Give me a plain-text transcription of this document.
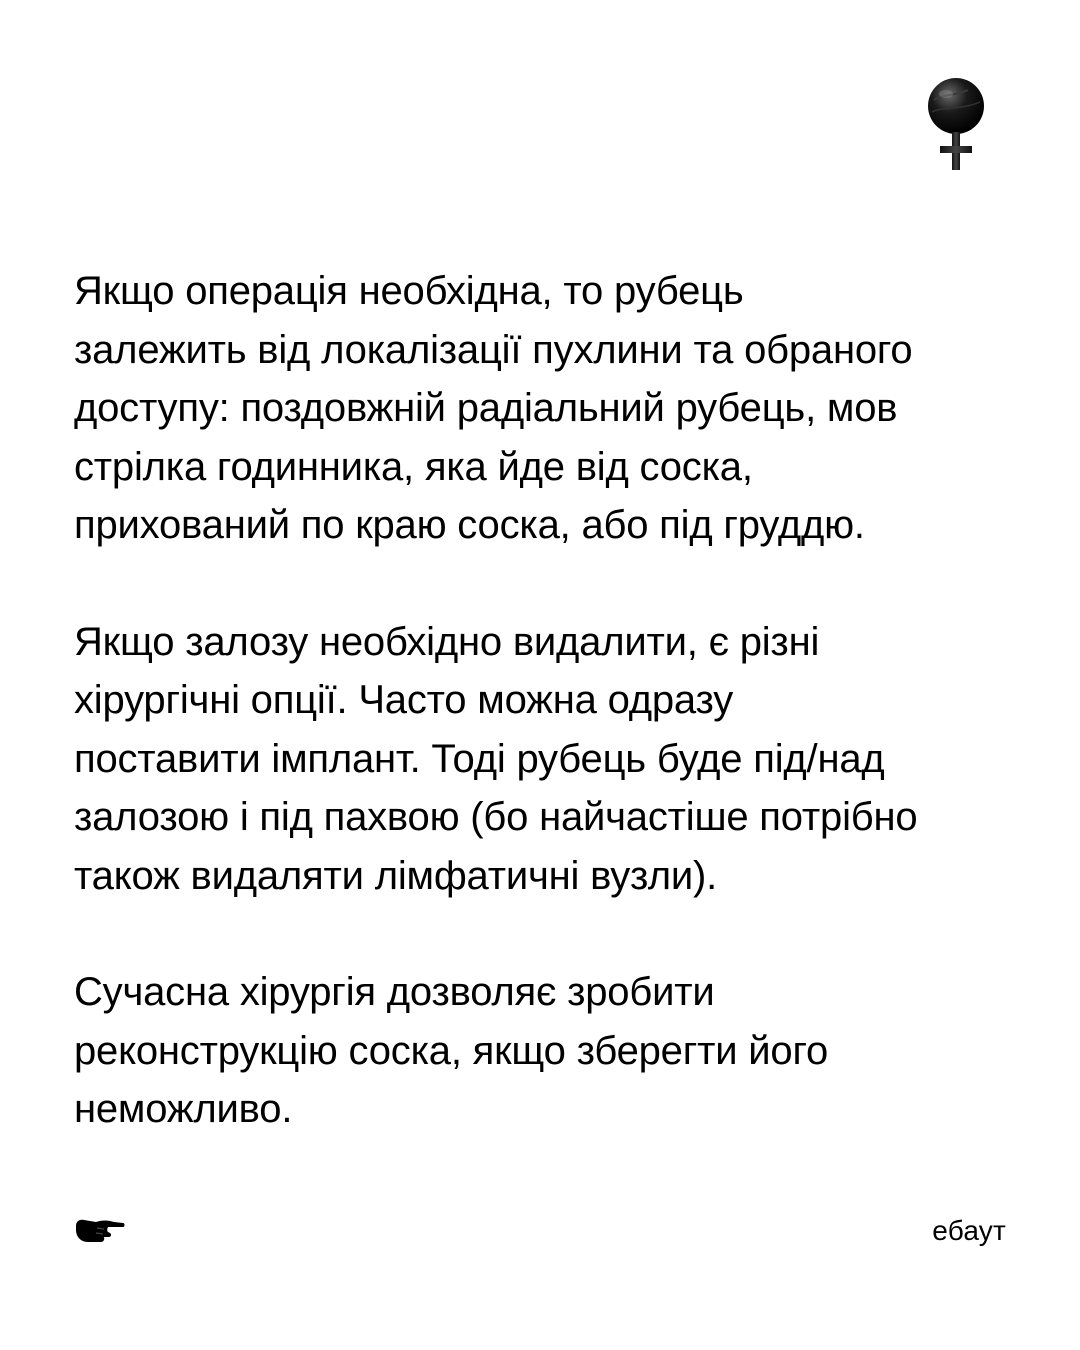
Якщо операція необхідна, то рубець
залежить від локалізації пухлини та обраного
доступу: поздовжній радіальний рубець, мов
стрілка годинника, яка йде від соска,
прихований по краю соска, або під груддю.

Якщо залозу необхідно видалити, є різні
хірургічні опції. Часто можна одразу
поставити імплант. Тоді рубець буде під/над
залозою і під пахвою (бо найчастіше потрібно
також видаляти лімфатичні вузли).

Сучасна хірургія дозволяє зробити
реконструкцію соска, якщо зберегти його
неможливо.

ебаут
